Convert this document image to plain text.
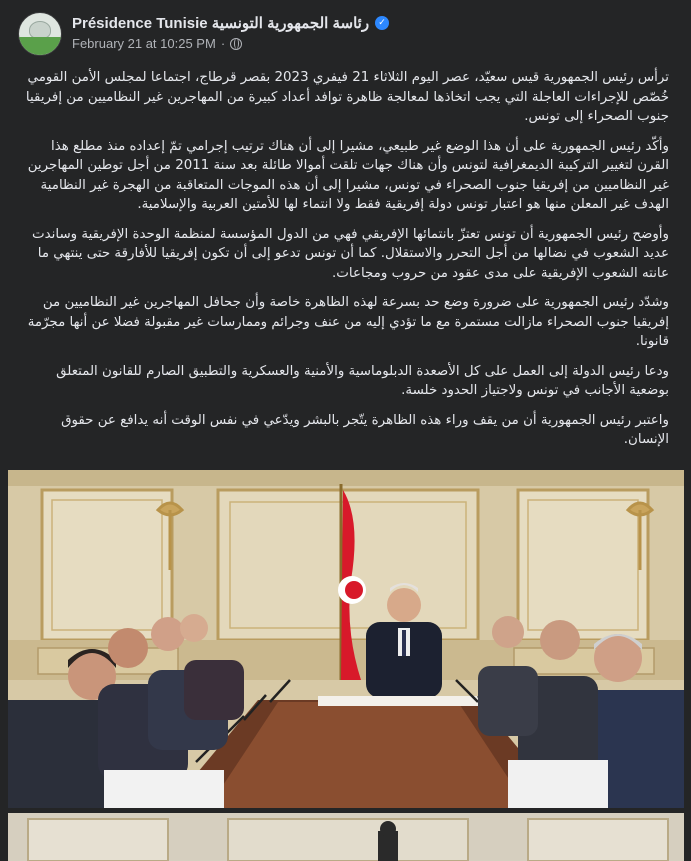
Présidence Tunisie رئاسة الجمهورية التونسية	✓
February 21 at 10:25 PM ·

ترأس رئيس الجمهورية قيس سعيّد، عصر اليوم الثلاثاء 21 فيفري 2023 بقصر قرطاج، اجتماعا لمجلس الأمن القومي خُصّص للإجراءات العاجلة التي يجب اتخاذها لمعالجة ظاهرة توافد أعداد كبيرة من المهاجرين غير النظاميين من إفريقيا جنوب الصحراء إلى تونس.

وأكّد رئيس الجمهورية على أن هذا الوضع غير طبيعي، مشيرا إلى أن هناك ترتيب إجرامي تمّ إعداده منذ مطلع هذا القرن لتغيير التركيبة الديمغرافية لتونس وأن هناك جهات تلقت أموالا طائلة بعد سنة 2011 من أجل توطين المهاجرين غير النظاميين من إفريقيا جنوب الصحراء في تونس، مشيرا إلى أن هذه الموجات المتعاقبة من الهجرة غير النظامية الهدف غير المعلن منها هو اعتبار تونس دولة إفريقية فقط ولا انتماء لها للأمتين العربية والإسلامية.

وأوضح رئيس الجمهورية أن تونس تعتزّ بانتمائها الإفريقي فهي من الدول المؤسسة لمنظمة الوحدة الإفريقية وساندت عديد الشعوب في نضالها من أجل التحرر والاستقلال. كما أن تونس تدعو إلى أن تكون إفريقيا للأفارقة حتى ينتهي ما عانته الشعوب الإفريقية على مدى عقود من حروب ومجاعات.

وشدّد رئيس الجمهورية على ضرورة وضع حد بسرعة لهذه الظاهرة خاصة وأن جحافل المهاجرين غير النظاميين من إفريقيا جنوب الصحراء مازالت مستمرة مع ما تؤدي إليه من عنف وجرائم وممارسات غير مقبولة فضلا عن أنها مجرّمة قانونا.

ودعا رئيس الدولة إلى العمل على كل الأصعدة الدبلوماسية والأمنية والعسكرية والتطبيق الصارم للقانون المتعلق بوضعية الأجانب في تونس ولاجتياز الحدود خلسة.

واعتبر رئيس الجمهورية أن من يقف وراء هذه الظاهرة يتّجر بالبشر ويدّعي في نفس الوقت أنه يدافع عن حقوق الإنسان.
